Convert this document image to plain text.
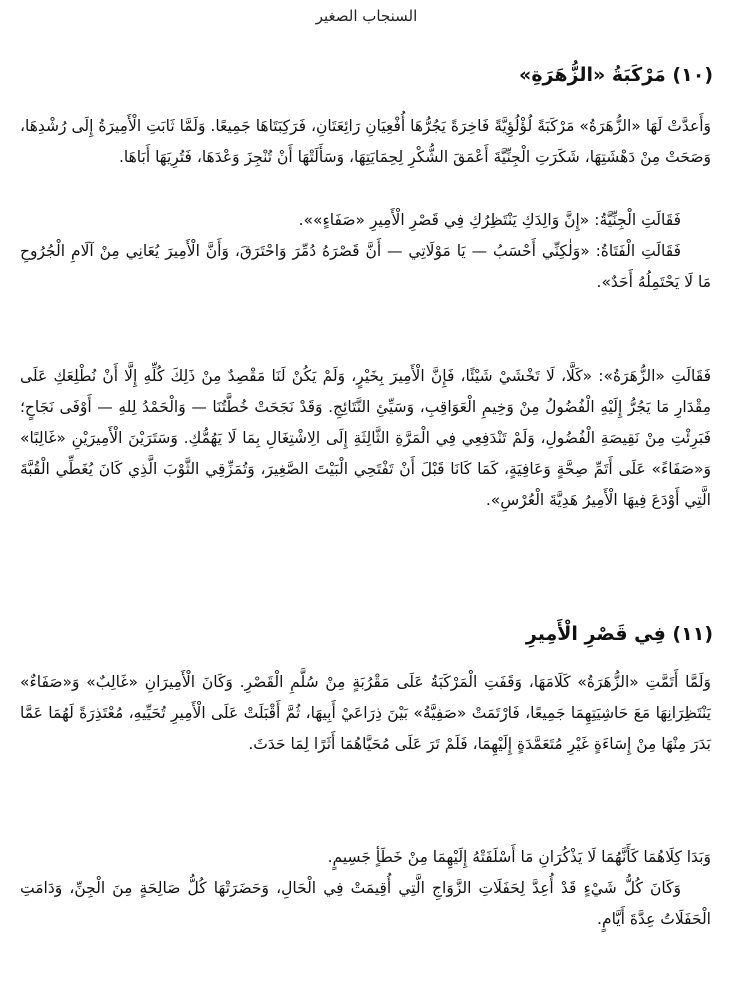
السنجاب الصغير
(١٠) مَرْكَبَةُ «الزُّهَرَةِ»
وَأَعدَّتْ لَهَا «الزُّهَرَةُ» مَرْكَبَةً لُؤْلُؤِيَّةً فَاخِرَةً يَجُرُّهَا أُفْعِيَانِ رَائِعَتَانِ، فَرَكِبَتَاهَا جَمِيعًا. وَلَمَّا ثَابَتِ الْأَمِيرَةُ إِلَى رُشْدِهَا، وَصَحَتْ مِنْ دَهْشَتِهَا، شَكَرَتِ الْجِنِّيَّةَ أَعْمَقَ الشُّكْرِ لِحِمَايَتِهَا، وَسَأَلَتْهَا أَنْ تُنْجِزَ وَعْدَهَا، فَتُرِيَهَا أَبَاهَا.
فَقَالَتِ الْجِنِّيَّةُ: «إِنَّ وَالِدَكِ يَنْتَظِرُكِ فِي قَصْرِ الْأَمِيرِ «صَفَاءٍ»».
فَقَالَتِ الْفَتَاةُ: «وَلٰكِنِّي أَحْسَبُ — يَا مَوْلَاتِي — أَنَّ قَصْرَهُ دُمِّرَ وَاحْتَرَقَ، وَأَنَّ الْأَمِيرَ يُعَانِي مِنْ آلَامِ الْجُرُوحِ مَا لَا يَحْتَمِلُهُ أَحَدٌ».
فَقَالَتِ «الزُّهَرَةُ»: «كَلَّا، لَا تَخْشَيْ شَيْئًا، فَإِنَّ الْأَمِيرَ بِخَيْرٍ، وَلَمْ يَكُنْ لَنَا مَقْصِدٌ مِنْ ذَلِكَ كُلِّهِ إِلَّا أَنْ نُطْلِعَكِ عَلَى مِقْدَارِ مَا يَجُرُّ إِلَيْهِ الْفُضُولُ مِنْ وَخِيمِ الْعَوَاقِبِ، وَسَيِّئِ النَّتَائِجِ. وَقَدْ نَجَحَتْ خُطَّتُنَا — وَالْحَمْدُ لِلهِ — أَوْفَى نَجَاحٍ؛ فَبَرِئْتِ مِنْ نَقِيصَةِ الْفُضُولِ، وَلَمْ تَنْدَفِعِي فِي الْمَرَّةِ الثَّالِثَةِ إِلَى الِاشْتِغَالِ بِمَا لَا يَهُمُّكِ. وَسَتَرَيْنَ الْأَمِيرَيْنِ «غَالِبًا» وَ«صَفَاءً» عَلَى أَتَمِّ صِحَّةٍ وَعَافِيَةٍ، كَمَا كَانَا قَبْلَ أَنْ تَفْتَحِي الْبَيْتَ الصَّغِيرَ، وَتُمَزِّقِي الثَّوْبَ الَّذِي كَانَ يُغَطِّي الْقُبَّةَ الَّتِي أَوْدَعَ فِيهَا الْأَمِيرُ هَدِيَّةَ الْعُرْسِ».
(١١) فِي قَصْرِ الْأَمِيرِ
وَلَمَّا أَتَمَّتِ «الزُّهَرَةُ» كَلَامَهَا، وَقَفَتِ الْمَرْكَبَةُ عَلَى مَقْرُبَةٍ مِنْ سُلَّمِ الْقَصْرِ. وَكَانَ الْأَمِيرَانِ «غَالِبٌ» وَ«صَفَاءٌ» يَنْتَظِرَانِهَا مَعَ حَاشِيَتِهِمَا جَمِيعًا، فَارْتَمَتْ «صَفِيَّةُ» بَيْنَ ذِرَاعَيْ أَبِيهَا، ثُمَّ أَقْبَلَتْ عَلَى الْأَمِيرِ تُحَيِّيهِ، مُعْتَذِرَةً لَهُمَا عَمَّا بَدَرَ مِنْهَا مِنْ إِسَاءَةٍ غَيْرِ مُتَعَمَّدَةٍ إِلَيْهِمَا، فَلَمْ تَرَ عَلَى مُحَيَّاهُمَا أَثَرًا لِمَا حَدَثَ.
وَبَدَا كِلَاهُمَا كَأَنَّهُمَا لَا يَذْكُرَانِ مَا أَسْلَفَتْهُ إِلَيْهِمَا مِنْ خَطَأٍ جَسِيمٍ.
وَكَانَ كُلُّ شَيْءٍ قَدْ أُعِدَّ لِحَفَلَاتِ الزَّوَاجِ الَّتِي أُقِيمَتْ فِي الْحَالِ، وَحَضَرَتْهَا كُلُّ صَالِحَةٍ مِنَ الْجِنِّ، وَدَامَتِ الْحَفَلَاتُ عِدَّةَ أَيَّامٍ.
